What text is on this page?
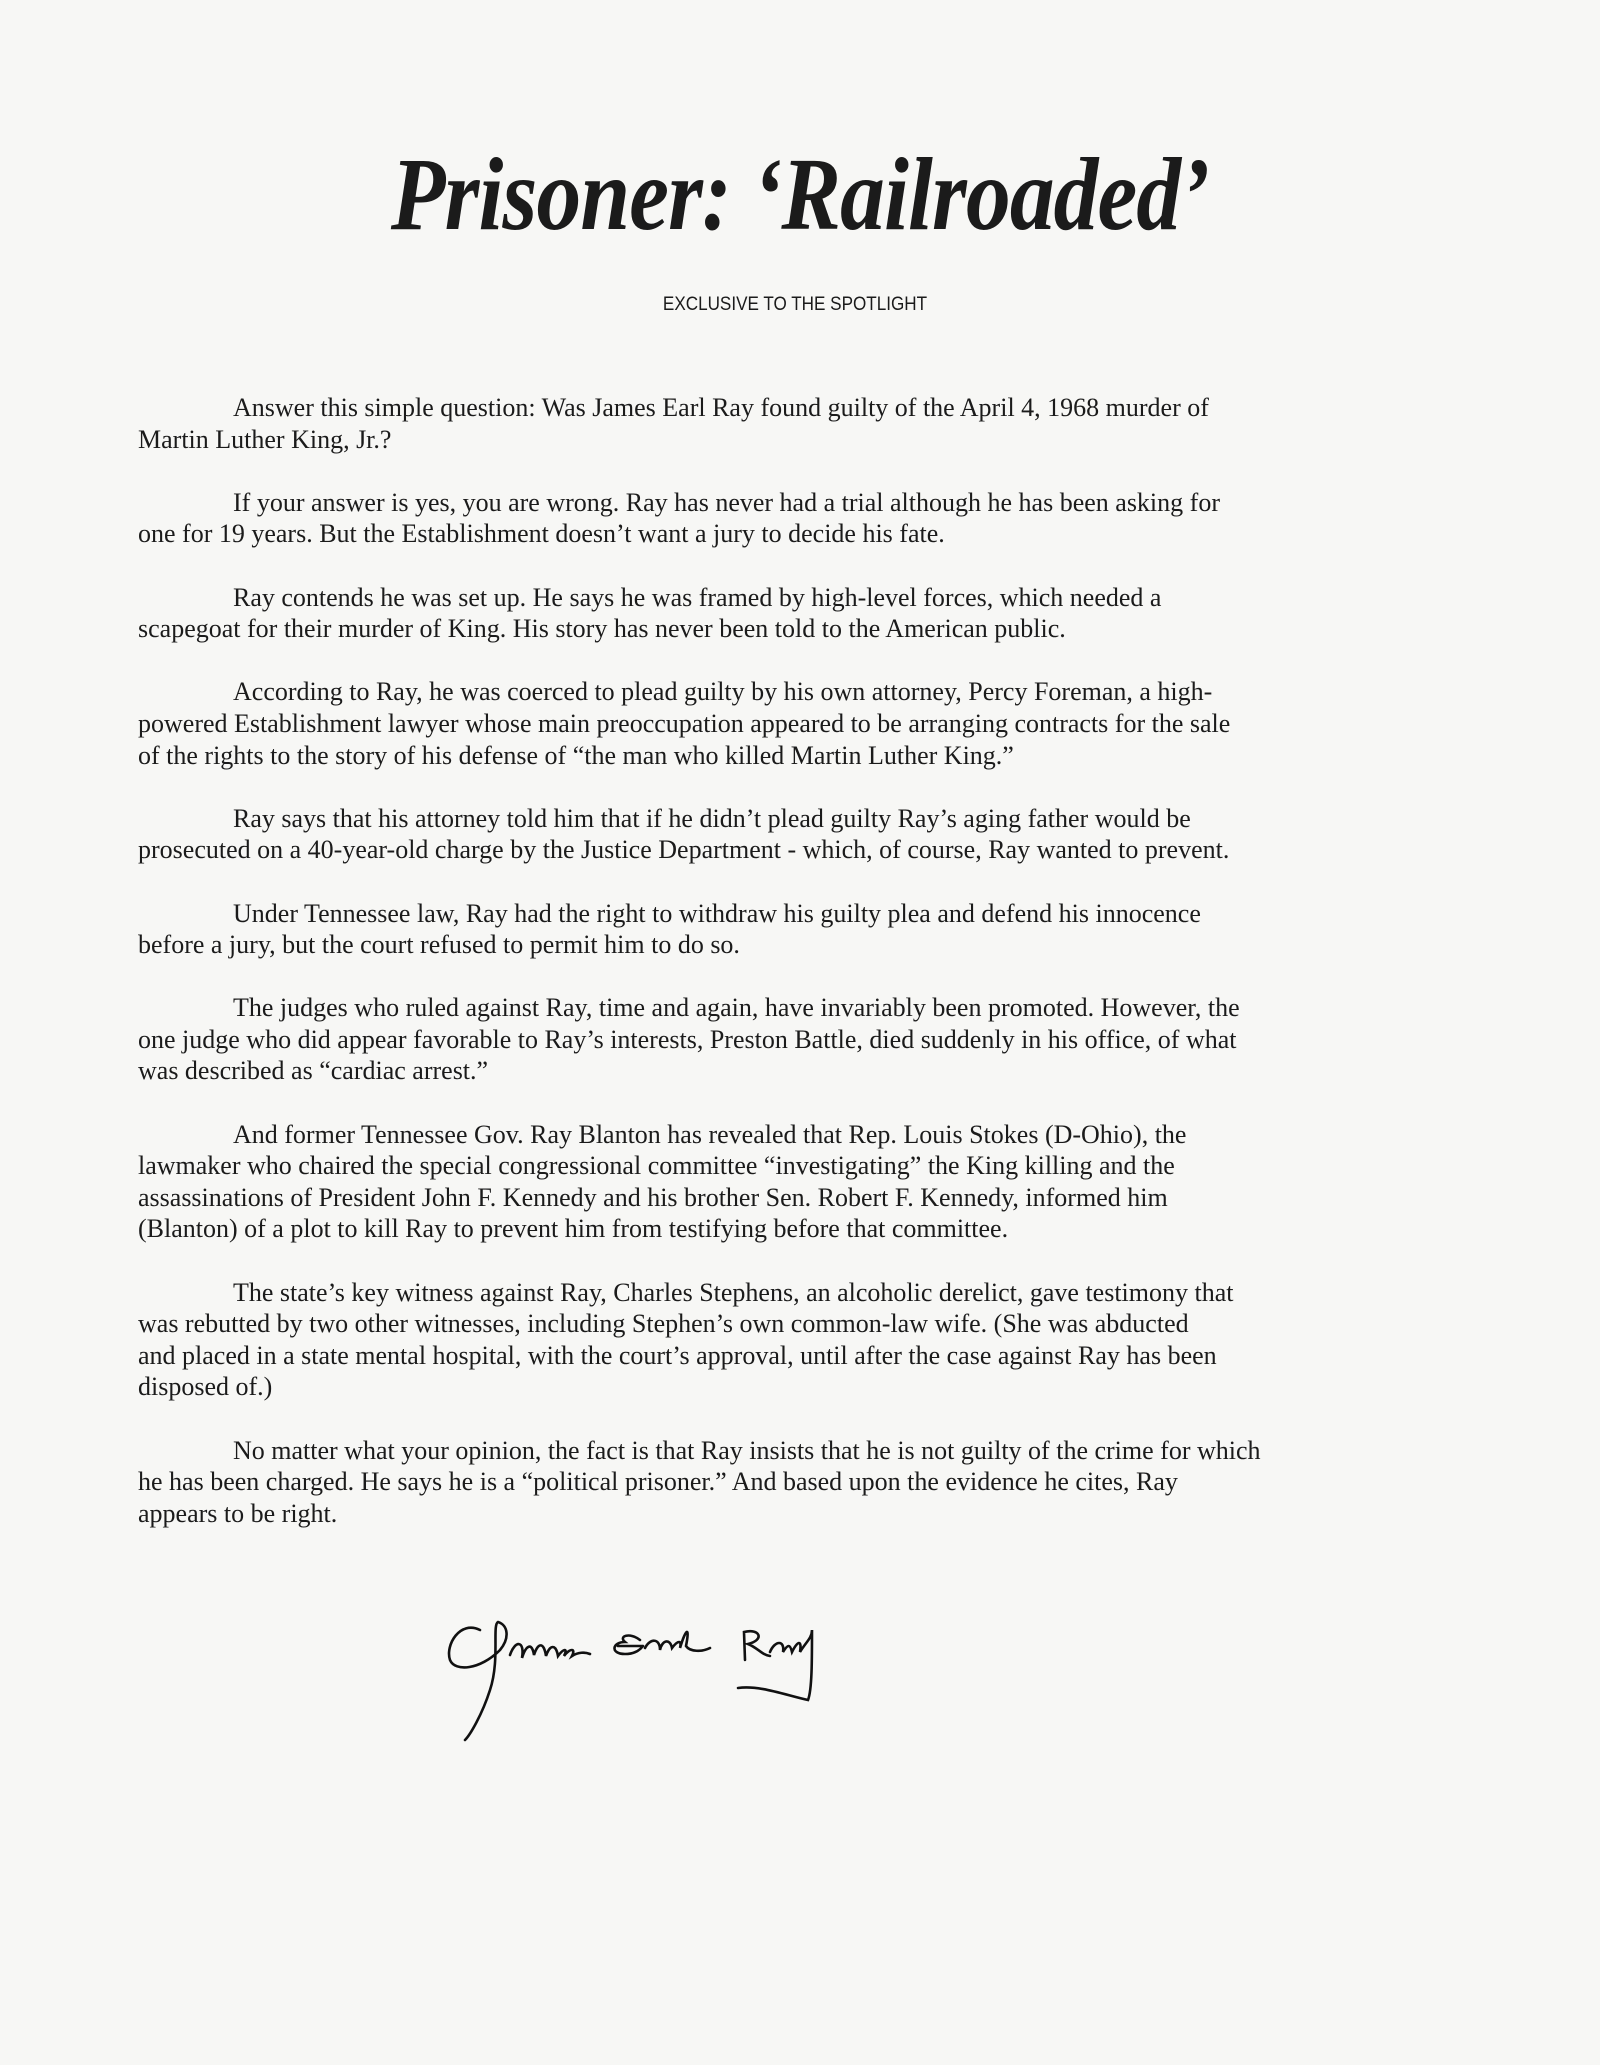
Prisoner: ‘Railroaded’
EXCLUSIVE TO THE SPOTLIGHT

Answer this simple question: Was James Earl Ray found guilty of the April 4, 1968 murder of
Martin Luther King, Jr.?

If your answer is yes, you are wrong. Ray has never had a trial although he has been asking for
one for 19 years. But the Establishment doesn’t want a jury to decide his fate.

Ray contends he was set up. He says he was framed by high-level forces, which needed a
scapegoat for their murder of King. His story has never been told to the American public.

According to Ray, he was coerced to plead guilty by his own attorney, Percy Foreman, a high-
powered Establishment lawyer whose main preoccupation appeared to be arranging contracts for the sale
of the rights to the story of his defense of “the man who killed Martin Luther King.”

Ray says that his attorney told him that if he didn’t plead guilty Ray’s aging father would be
prosecuted on a 40-year-old charge by the Justice Department - which, of course, Ray wanted to prevent.

Under Tennessee law, Ray had the right to withdraw his guilty plea and defend his innocence
before a jury, but the court refused to permit him to do so.

The judges who ruled against Ray, time and again, have invariably been promoted. However, the
one judge who did appear favorable to Ray’s interests, Preston Battle, died suddenly in his office, of what
was described as “cardiac arrest.”

And former Tennessee Gov. Ray Blanton has revealed that Rep. Louis Stokes (D-Ohio), the
lawmaker who chaired the special congressional committee “investigating” the King killing and the
assassinations of President John F. Kennedy and his brother Sen. Robert F. Kennedy, informed him
(Blanton) of a plot to kill Ray to prevent him from testifying before that committee.

The state’s key witness against Ray, Charles Stephens, an alcoholic derelict, gave testimony that
was rebutted by two other witnesses, including Stephen’s own common-law wife. (She was abducted
and placed in a state mental hospital, with the court’s approval, until after the case against Ray has been
disposed of.)

No matter what your opinion, the fact is that Ray insists that he is not guilty of the crime for which
he has been charged. He says he is a “political prisoner.” And based upon the evidence he cites, Ray
appears to be right.
